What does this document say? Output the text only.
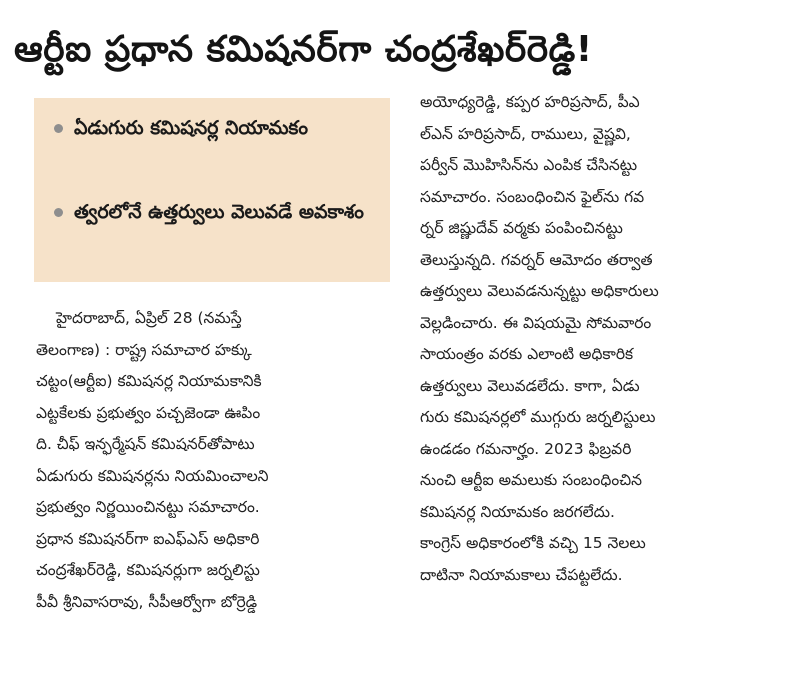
ఆర్టీఐ ప్రధాన కమిషనర్‌గా చంద్రశేఖర్‌రెడ్డి!
ఏడుగురు కమిషనర్ల నియామకం
త్వరలోనే ఉత్తర్వులు వెలువడే అవకాశం
హైదరాబాద్‌, ఏప్రిల్‌ 28 (నమస్తే
తెలంగాణ) : రాష్ట్ర సమాచార హక్కు
చట్టం(ఆర్టీఐ) కమిషనర్ల నియామకానికి
ఎట్టకేలకు ప్రభుత్వం పచ్చజెండా ఊపిం
ది. చీఫ్‌ ఇన్ఫర్మేషన్‌ కమిషనర్‌తోపాటు
ఏడుగురు కమిషనర్లను నియమించాలని
ప్రభుత్వం నిర్ణయించినట్టు సమాచారం.
ప్రధాన కమిషనర్‌గా ఐఎఫ్‌ఎస్‌ అధికారి
చంద్రశేఖర్‌రెడ్డి, కమిషనర్లుగా జర్నలిస్టు
పీవీ శ్రీనివాసరావు, సీపీఆర్వోగా బోర్రెడ్డి
అయోధ్యరెడ్డి, కప్పర హరిప్రసాద్‌, పీఎ
ల్‌ఎన్‌ హరిప్రసాద్‌, రాములు, వైష్ణవి,
పర్వీన్‌ మొహిసిన్‌ను ఎంపిక చేసినట్టు
సమాచారం. సంబంధించిన ఫైల్‌ను గవ
ర్నర్‌ జిష్ణుదేవ్‌ వర్మకు పంపించినట్టు
తెలుస్తున్నది. గవర్నర్‌ ఆమోదం తర్వాత
ఉత్తర్వులు వెలువడనున్నట్టు అధికారులు
వెల్లడించారు. ఈ విషయమై సోమవారం
సాయంత్రం వరకు ఎలాంటి అధికారిక
ఉత్తర్వులు వెలువడలేదు. కాగా, ఏడు
గురు కమిషనర్లలో ముగ్గురు జర్నలిస్టులు
ఉండడం గమనార్హం. 2023 ఫిబ్రవరి
నుంచి ఆర్టీఐ అమలుకు సంబంధించిన
కమిషనర్ల నియామకం జరగలేదు.
కాంగ్రెస్‌ అధికారంలోకి వచ్చి 15 నెలలు
దాటినా నియామకాలు చేపట్టలేదు.
